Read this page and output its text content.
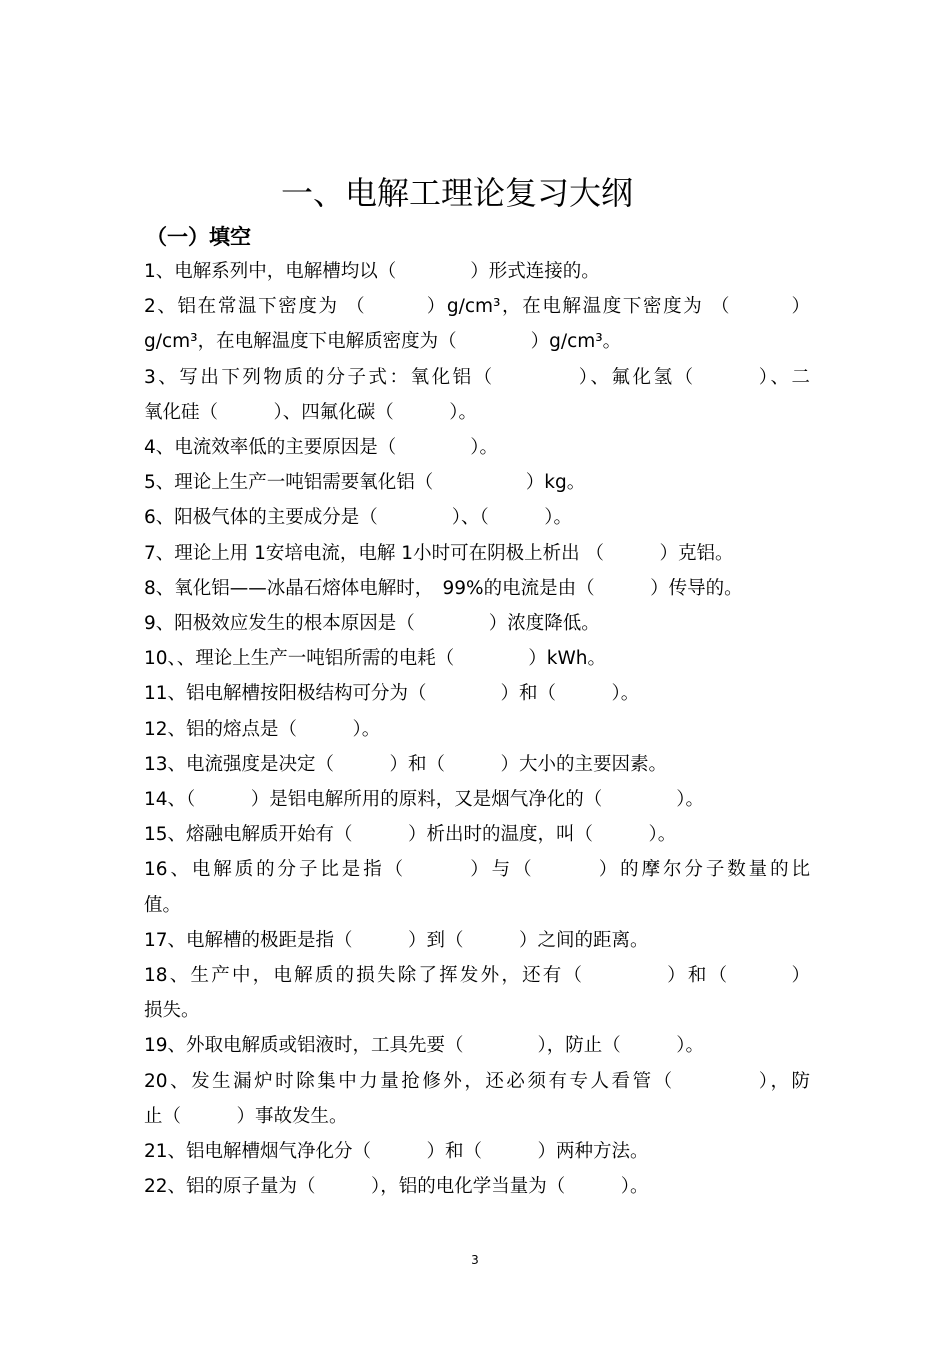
一、电解工理论复习大纲
（一）填空
1、电解系列中，电解槽均以（　　　　）形式连接的。
2、铝在常温下密度为 （　　　）g/cm³，在电解温度下密度为 （　　　）
g/cm³，在电解温度下电解质密度为（　　　　）g/cm³。
3、写出下列物质的分子式：氧化铝（　　　　）、氟化氢（　　　）、二
氧化硅（　　　）、四氟化碳（　　　）。
4、电流效率低的主要原因是（　　　　）。
5、理论上生产一吨铝需要氧化铝（　　　　　）kg。
6、阳极气体的主要成分是（　　　　）、（　　　）。
7、理论上用 1安培电流，电解 1小时可在阴极上析出 （　　　）克铝。
8、氧化铝——冰晶石熔体电解时，　99%的电流是由（　　　）传导的。
9、阳极效应发生的根本原因是（　　　　）浓度降低。
10、、理论上生产一吨铝所需的电耗（　　　　）kWh。
11、铝电解槽按阳极结构可分为（　　　　）和（　　　）。
12、铝的熔点是（　　　）。
13、电流强度是决定（　　　）和（　　　）大小的主要因素。
14、（　　　）是铝电解所用的原料，又是烟气净化的（　　　　）。
15、熔融电解质开始有（　　　）析出时的温度，叫（　　　）。
16、电解质的分子比是指（　　　）与（　　　）的摩尔分子数量的比
值。
17、电解槽的极距是指（　　　）到（　　　）之间的距离。
18、生产中，电解质的损失除了挥发外，还有（　　　　）和（　　　）
损失。
19、外取电解质或铝液时，工具先要（　　　　），防止（　　　）。
20、发生漏炉时除集中力量抢修外，还必须有专人看管（　　　　），防
止（　　　）事故发生。
21、铝电解槽烟气净化分（　　　）和（　　　）两种方法。
22、铝的原子量为（　　　），铝的电化学当量为（　　　）。
3
